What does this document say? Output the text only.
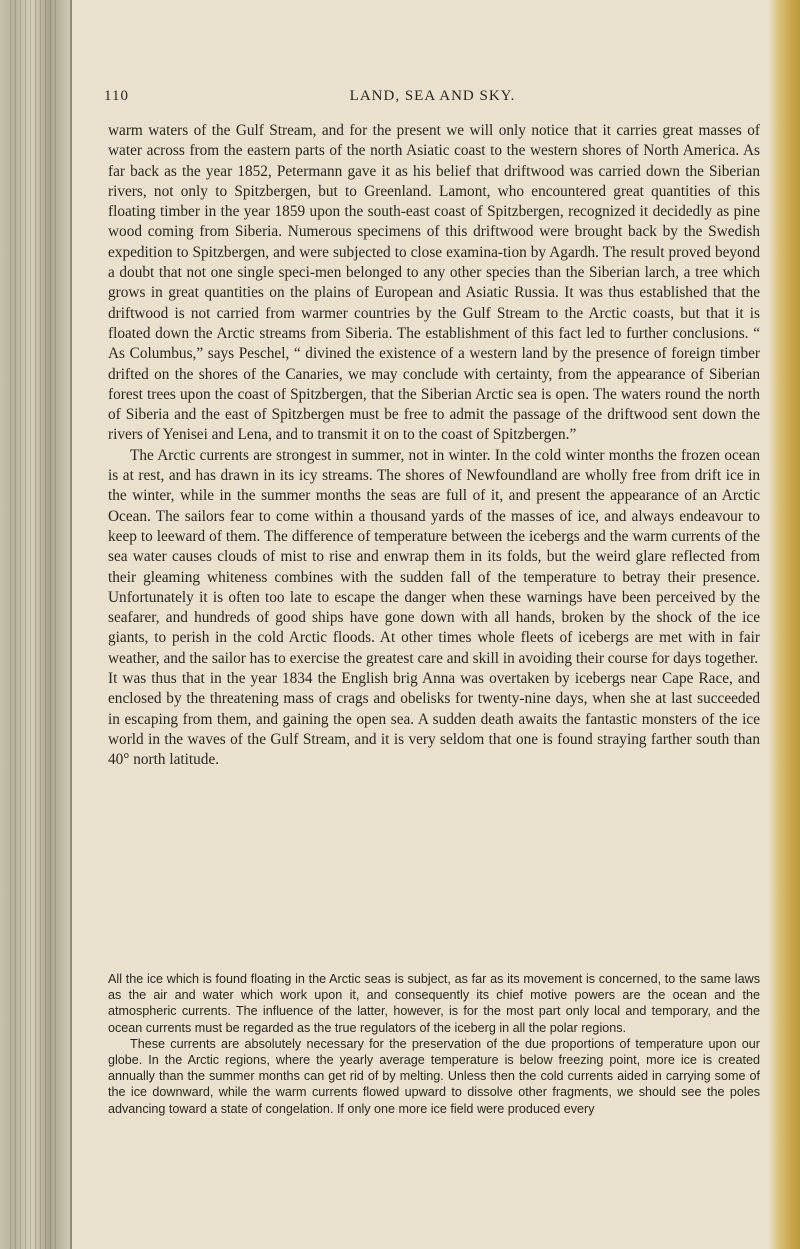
110	LAND, SEA AND SKY.

warm waters of the Gulf Stream, and for the present we will only notice that it carries great masses of water across from the eastern parts of the north Asiatic coast to the western shores of North America. As far back as the year 1852, Petermann gave it as his belief that driftwood was carried down the Siberian rivers, not only to Spitzbergen, but to Greenland. Lamont, who encountered great quantities of this floating timber in the year 1859 upon the south-east coast of Spitzbergen, recognized it decidedly as pine wood coming from Siberia. Numerous specimens of this driftwood were brought back by the Swedish expedition to Spitzbergen, and were subjected to close examina-tion by Agardh. The result proved beyond a doubt that not one single speci-men belonged to any other species than the Siberian larch, a tree which grows in great quantities on the plains of European and Asiatic Russia. It was thus established that the driftwood is not carried from warmer countries by the Gulf Stream to the Arctic coasts, but that it is floated down the Arctic streams from Siberia. The establishment of this fact led to further conclusions. “ As Columbus,” says Peschel, “ divined the existence of a western land by the presence of foreign timber drifted on the shores of the Canaries, we may conclude with certainty, from the appearance of Siberian forest trees upon the coast of Spitzbergen, that the Siberian Arctic sea is open. The waters round the north of Siberia and the east of Spitzbergen must be free to admit the passage of the driftwood sent down the rivers of Yenisei and Lena, and to transmit it on to the coast of Spitzbergen.”

The Arctic currents are strongest in summer, not in winter. In the cold winter months the frozen ocean is at rest, and has drawn in its icy streams. The shores of Newfoundland are wholly free from drift ice in the winter, while in the summer months the seas are full of it, and present the appearance of an Arctic Ocean. The sailors fear to come within a thousand yards of the masses of ice, and always endeavour to keep to leeward of them. The difference of temperature between the icebergs and the warm currents of the sea water causes clouds of mist to rise and enwrap them in its folds, but the weird glare reflected from their gleaming whiteness combines with the sudden fall of the temperature to betray their presence. Unfortunately it is often too late to escape the danger when these warnings have been perceived by the seafarer, and hundreds of good ships have gone down with all hands, broken by the shock of the ice giants, to perish in the cold Arctic floods. At other times whole fleets of icebergs are met with in fair weather, and the sailor has to exercise the greatest care and skill in avoiding their course for days together.

It was thus that in the year 1834 the English brig Anna was overtaken by icebergs near Cape Race, and enclosed by the threatening mass of crags and obelisks for twenty-nine days, when she at last succeeded in escaping from them, and gaining the open sea. A sudden death awaits the fantastic monsters of the ice world in the waves of the Gulf Stream, and it is very seldom that one is found straying farther south than 40° north latitude.

All the ice which is found floating in the Arctic seas is subject, as far as its movement is concerned, to the same laws as the air and water which work upon it, and consequently its chief motive powers are the ocean and the atmospheric currents. The influence of the latter, however, is for the most part only local and temporary, and the ocean currents must be regarded as the true regulators of the iceberg in all the polar regions.

These currents are absolutely necessary for the preservation of the due proportions of temperature upon our globe. In the Arctic regions, where the yearly average temperature is below freezing point, more ice is created annually than the summer months can get rid of by melting. Unless then the cold currents aided in carrying some of the ice downward, while the warm currents flowed upward to dissolve other fragments, we should see the poles advancing toward a state of congelation. If only one more ice field were produced every
